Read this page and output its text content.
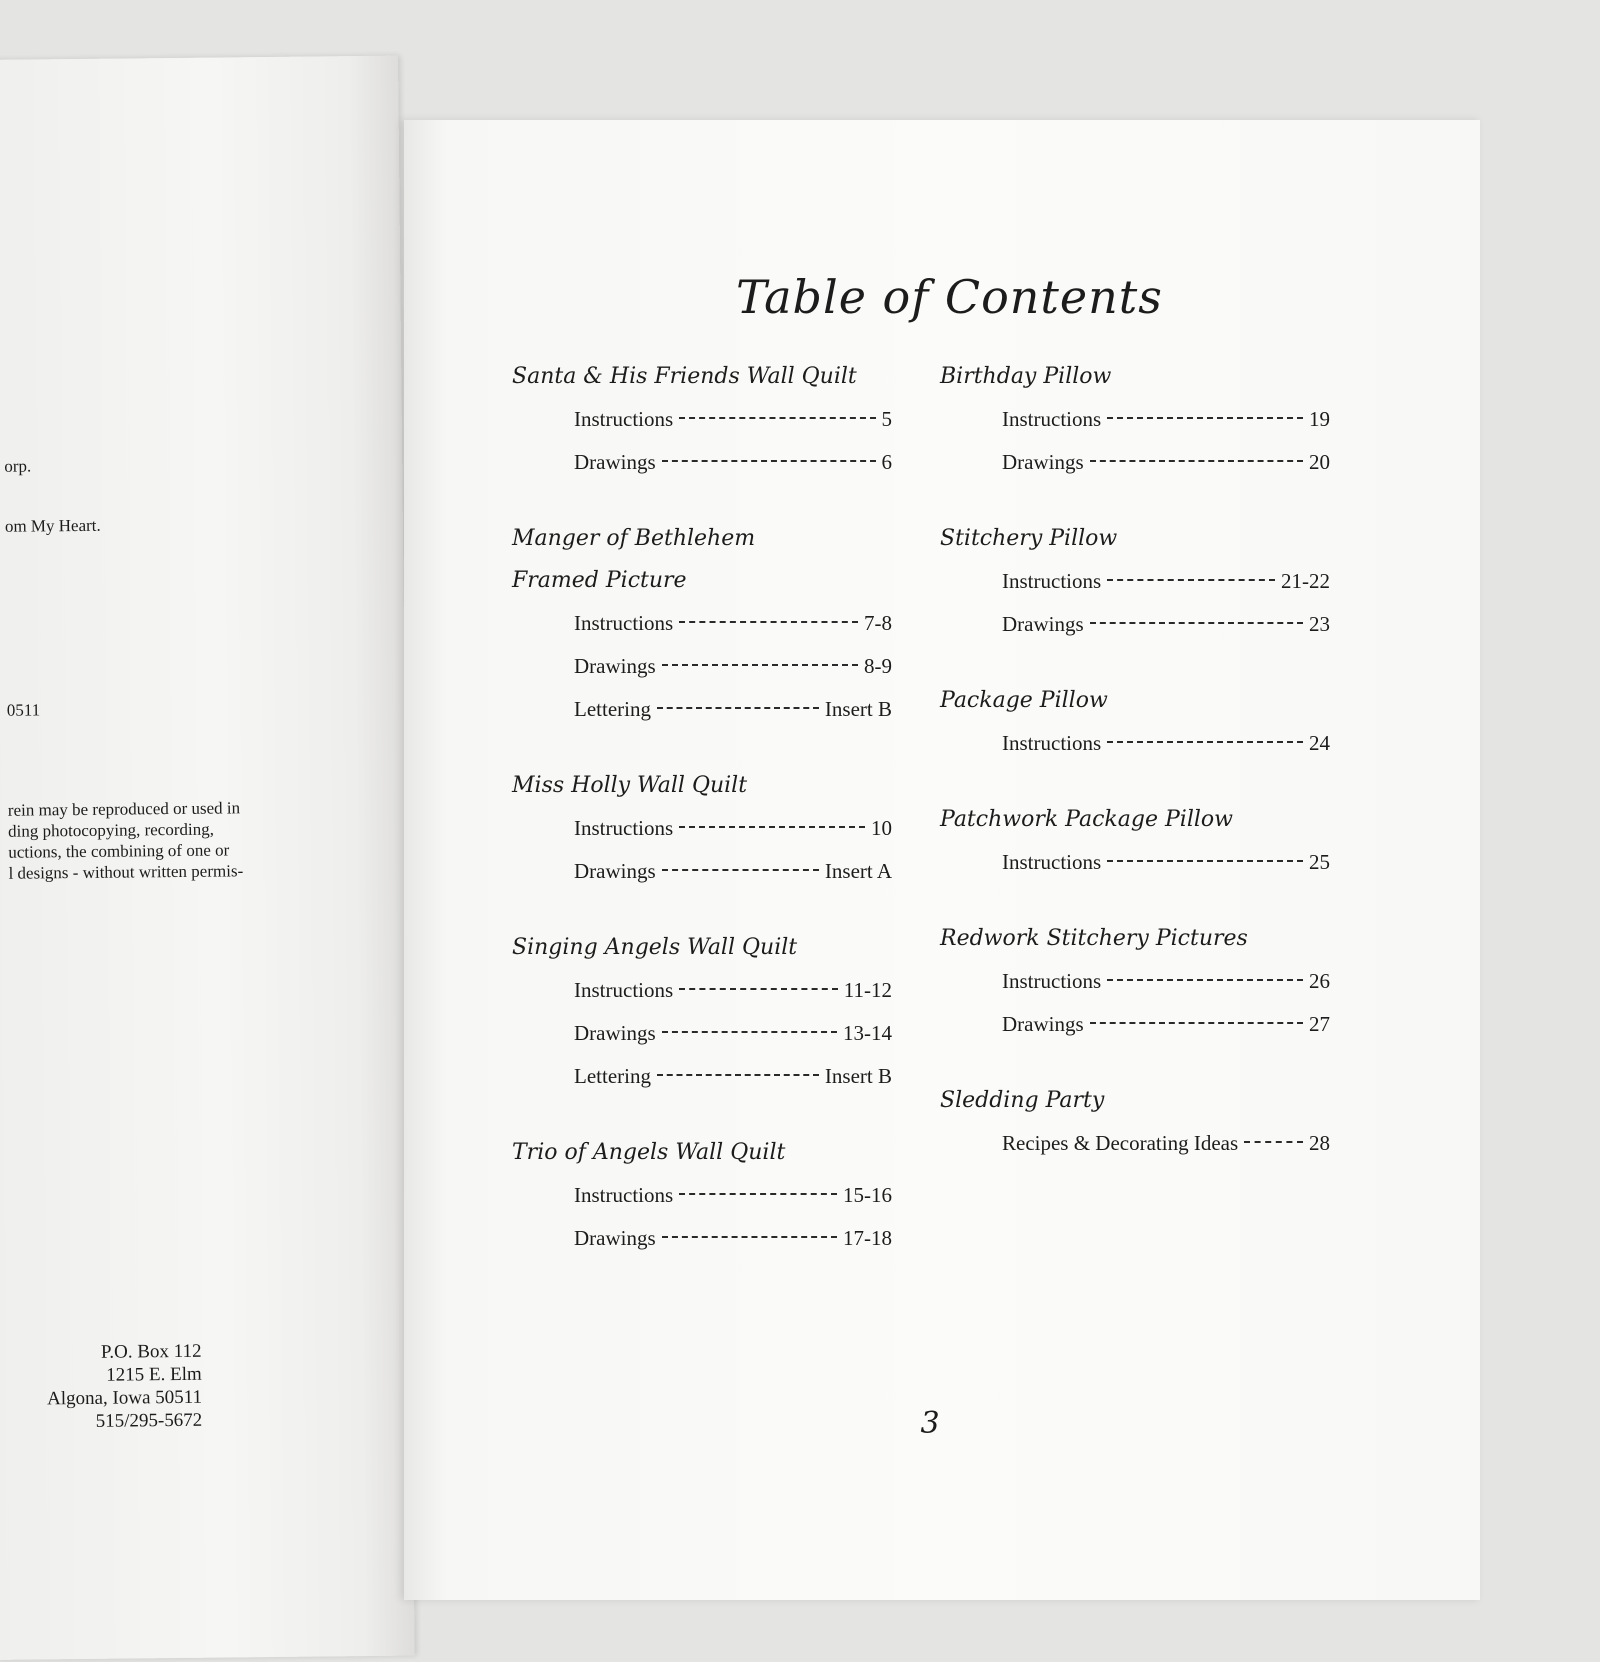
orp.
om My Heart.
0511
rein may be reproduced or used in
ding photocopying, recording,
uctions, the combining of one or
l designs - without written permis-
P.O. Box 112
1215 E. Elm
Algona, Iowa 50511
515/295-5672
Table of Contents
Santa & His Friends Wall Quilt
Instructions	5
Drawings	6
Manger of Bethlehem
Framed Picture
Instructions	7-8
Drawings	8-9
Lettering	Insert B
Miss Holly Wall Quilt
Instructions	10
Drawings	Insert A
Singing Angels Wall Quilt
Instructions	11-12
Drawings	13-14
Lettering	Insert B
Trio of Angels Wall Quilt
Instructions	15-16
Drawings	17-18
Birthday Pillow
Instructions	19
Drawings	20
Stitchery Pillow
Instructions	21-22
Drawings	23
Package Pillow
Instructions	24
Patchwork Package Pillow
Instructions	25
Redwork Stitchery Pictures
Instructions	26
Drawings	27
Sledding Party
Recipes & Decorating Ideas	28
3
